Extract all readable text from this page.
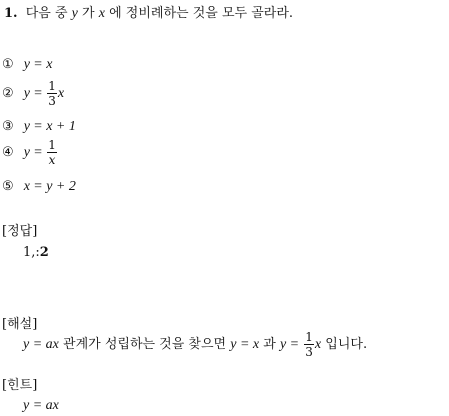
1. 다음 중 y 가 x 에 정비례하는 것을 모두 골라라.
① y = x
② $y = \frac{1}{3}$ x
③ y = x + 1
④ $y = \frac{1}{x}$
⑤ x = y + 2
[정답]
1,:2
[해설]
y = ax 관계가 성립하는 것을 찾으면 y = x 과 $y = \frac{1}{3}$ x 입니다.
[힌트]
y = ax
